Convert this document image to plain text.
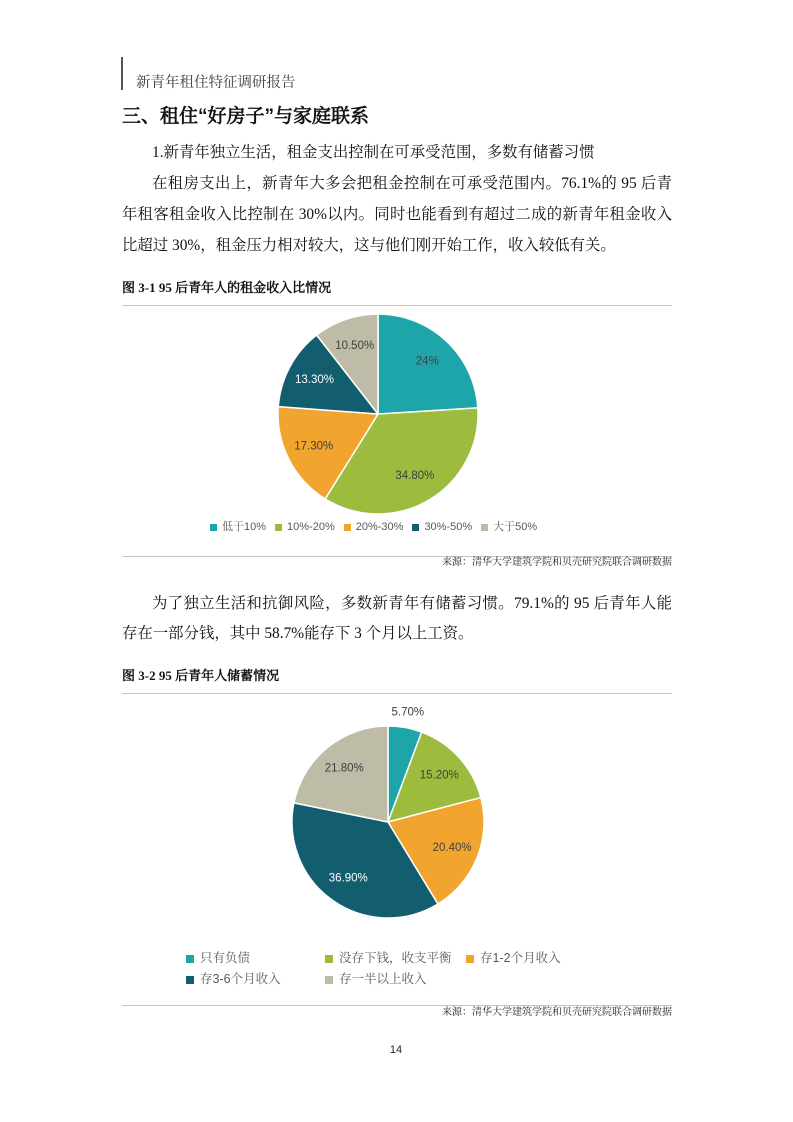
新青年租住特征调研报告
三、租住“好房子”与家庭联系
1.新青年独立生活，租金支出控制在可承受范围，多数有储蓄习惯
在租房支出上，新青年大多会把租金控制在可承受范围内。76.1%的 95 后青
年租客租金收入比控制在 30%以内。同时也能看到有超过二成的新青年租金收入
比超过 30%，租金压力相对较大，这与他们刚开始工作，收入较低有关。
图 3-1 95 后青年人的租金收入比情况
24%
34.80%
17.30%
13.30%
10.50%
低于10% 10%-20% 20%-30% 30%-50% 大于50%
来源：清华大学建筑学院和贝壳研究院联合调研数据
为了独立生活和抗御风险，多数新青年有储蓄习惯。79.1%的 95 后青年人能
存在一部分钱，其中 58.7%能存下 3 个月以上工资。
图 3-2 95 后青年人储蓄情况
5.70%
15.20%
20.40%
36.90%
21.80%
只有负债	没存下钱，收支平衡 存1-2个月收入
存3-6个月收入	存一半以上收入
来源：清华大学建筑学院和贝壳研究院联合调研数据
14
